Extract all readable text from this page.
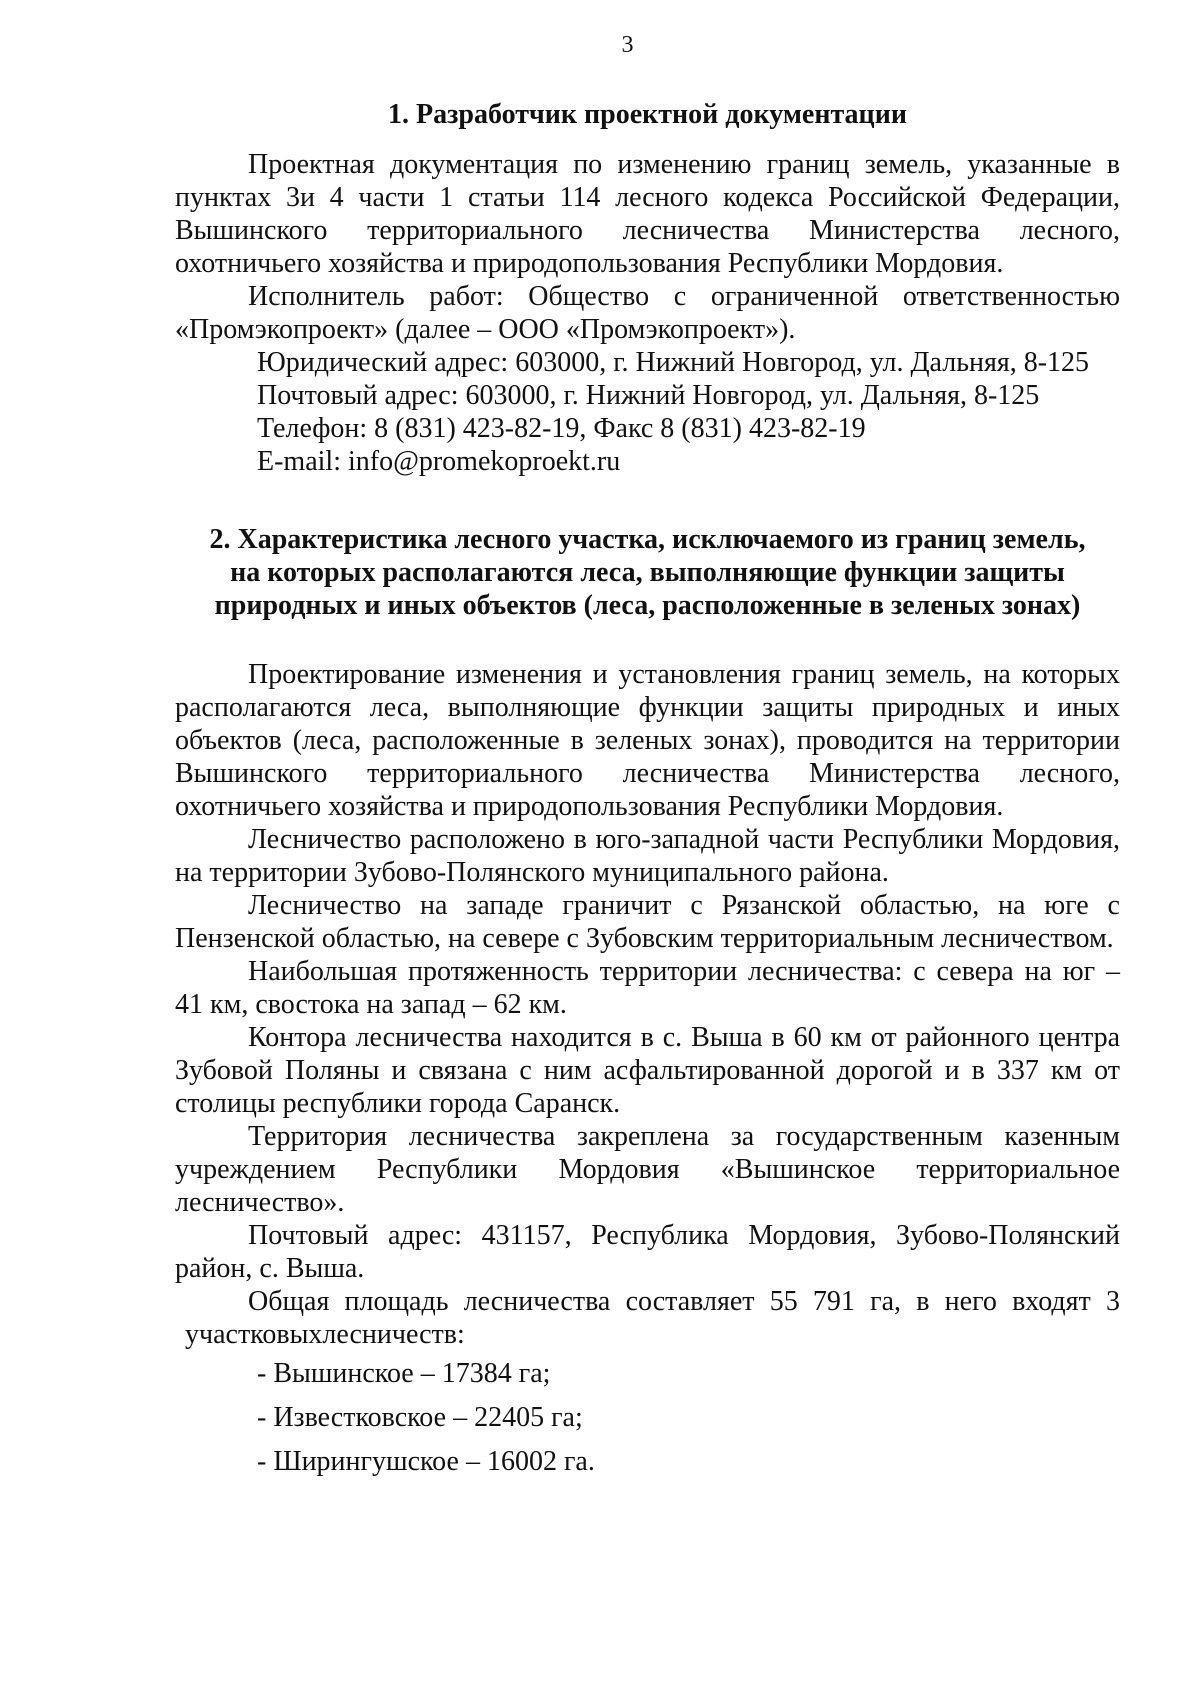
3
1. Разработчик проектной документации

Проектная документация по изменению границ земель, указанные в пунктах 3и 4 части 1 статьи 114 лесного кодекса Российской Федерации, Вышинского территориального лесничества Министерства лесного, охотничьего хозяйства и природопользования Республики Мордовия.

Исполнитель работ: Общество с ограниченной ответственностью «Промэкопроект» (далее – ООО «Промэкопроект»).

Юридический адрес: 603000, г. Нижний Новгород, ул. Дальняя, 8-125

Почтовый адрес: 603000, г. Нижний Новгород, ул. Дальняя, 8-125

Телефон: 8 (831) 423-82-19, Факс 8 (831) 423-82-19

E-mail: info@promekoproekt.ru

2. Характеристика лесного участка, исключаемого из границ земель, на которых располагаются леса, выполняющие функции защиты природных и иных объектов (леса, расположенные в зеленых зонах)

Проектирование изменения и установления границ земель, на которых располагаются леса, выполняющие функции защиты природных и иных объектов (леса, расположенные в зеленых зонах), проводится на территории Вышинского территориального лесничества Министерства лесного, охотничьего хозяйства и природопользования Республики Мордовия.

Лесничество расположено в юго-западной части Республики Мордовия, на территории Зубово-Полянского муниципального района.

Лесничество на западе граничит с Рязанской областью, на юге с Пензенской областью, на севере с Зубовским территориальным лесничеством.

Наибольшая протяженность территории лесничества: с севера на юг – 41 км, свостока на запад – 62 км.

Контора лесничества находится в с. Выша в 60 км от районного центра Зубовой Поляны и связана с ним асфальтированной дорогой и в 337 км от столицы республики города Саранск.

Территория лесничества закреплена за государственным казенным учреждением Республики Мордовия «Вышинское территориальное лесничество».

Почтовый адрес: 431157, Республика Мордовия, Зубово-Полянский район, с. Выша.

Общая площадь лесничества составляет 55 791 га, в него входят 3 участковыхлесничеств:

- Вышинское – 17384 га;

- Известковское – 22405 га;

- Ширингушское – 16002 га.
